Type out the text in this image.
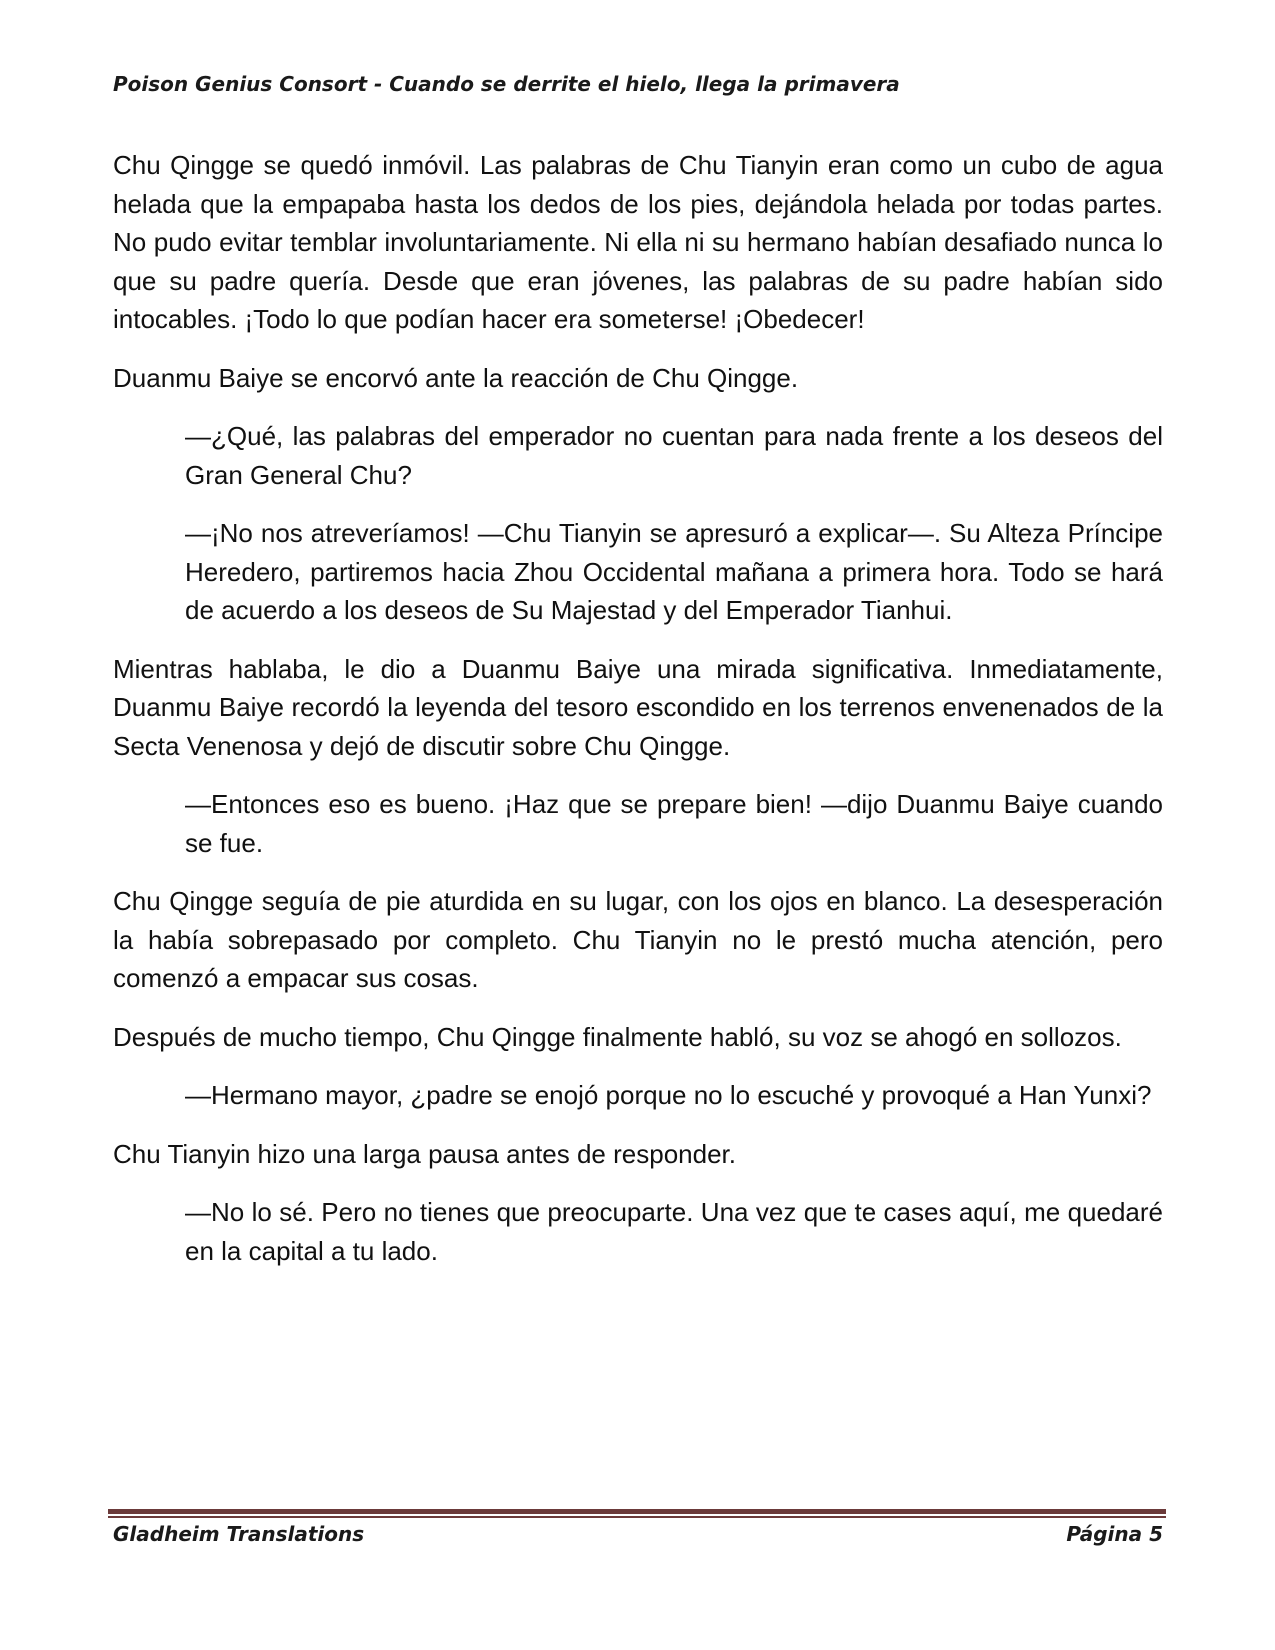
Poison Genius Consort - Cuando se derrite el hielo, llega la primavera

Chu Qingge se quedó inmóvil. Las palabras de Chu Tianyin eran como un cubo de agua helada que la empapaba hasta los dedos de los pies, dejándola helada por todas partes. No pudo evitar temblar involuntariamente. Ni ella ni su hermano habían desafiado nunca lo que su padre quería. Desde que eran jóvenes, las palabras de su padre habían sido intocables. ¡Todo lo que podían hacer era someterse! ¡Obedecer!

Duanmu Baiye se encorvó ante la reacción de Chu Qingge.

—¿Qué, las palabras del emperador no cuentan para nada frente a los deseos del Gran General Chu?

—¡No nos atreveríamos! —Chu Tianyin se apresuró a explicar—. Su Alteza Príncipe Heredero, partiremos hacia Zhou Occidental mañana a primera hora. Todo se hará de acuerdo a los deseos de Su Majestad y del Emperador Tianhui.

Mientras hablaba, le dio a Duanmu Baiye una mirada significativa. Inmediatamente, Duanmu Baiye recordó la leyenda del tesoro escondido en los terrenos envenenados de la Secta Venenosa y dejó de discutir sobre Chu Qingge.

—Entonces eso es bueno. ¡Haz que se prepare bien! —dijo Duanmu Baiye cuando se fue.

Chu Qingge seguía de pie aturdida en su lugar, con los ojos en blanco. La desesperación la había sobrepasado por completo. Chu Tianyin no le prestó mucha atención, pero comenzó a empacar sus cosas.

Después de mucho tiempo, Chu Qingge finalmente habló, su voz se ahogó en sollozos.

—Hermano mayor, ¿padre se enojó porque no lo escuché y provoqué a Han Yunxi?

Chu Tianyin hizo una larga pausa antes de responder.

—No lo sé. Pero no tienes que preocuparte. Una vez que te cases aquí, me quedaré en la capital a tu lado.

Gladheim Translations	Página 5
